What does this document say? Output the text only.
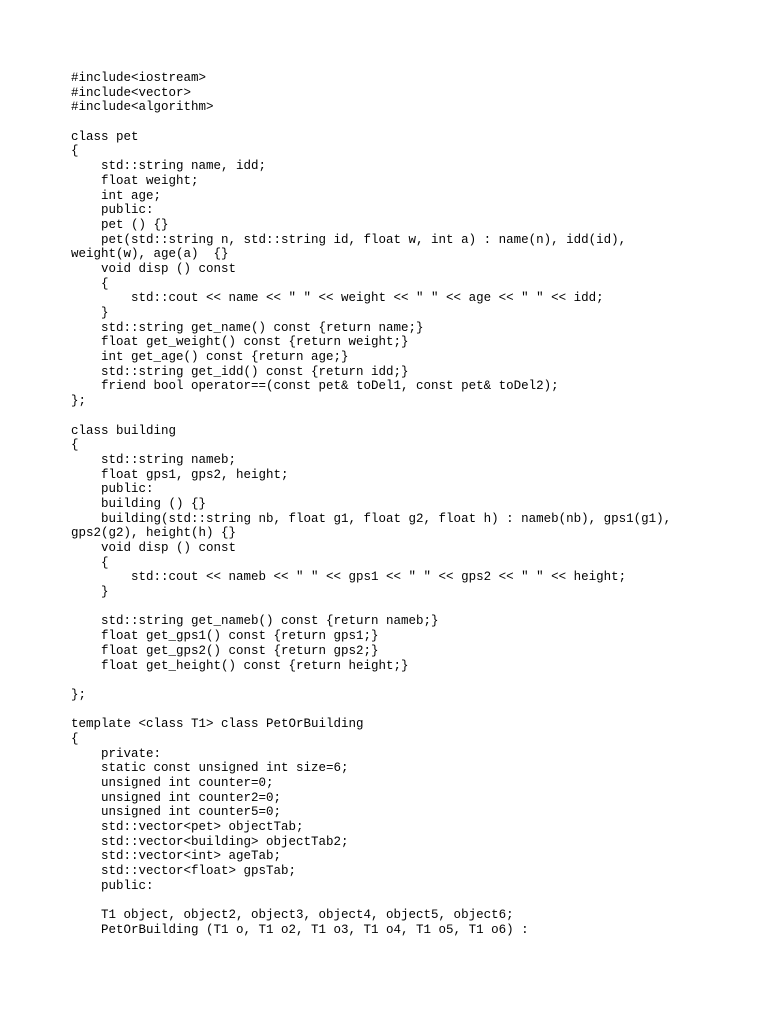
#include<iostream>
#include<vector>
#include<algorithm>
class pet
{
std::string name, idd;
float weight;
int age;
public:
pet () {}
pet(std::string n, std::string id, float w, int a) : name(n), idd(id),
weight(w), age(a)  {}
void disp () const
{
std::cout << name << " " << weight << " " << age << " " << idd;
}
std::string get_name() const {return name;}
float get_weight() const {return weight;}
int get_age() const {return age;}
std::string get_idd() const {return idd;}
friend bool operator==(const pet& toDel1, const pet& toDel2);
};
class building
{
std::string nameb;
float gps1, gps2, height;
public:
building () {}
building(std::string nb, float g1, float g2, float h) : nameb(nb), gps1(g1),
gps2(g2), height(h) {}
void disp () const
{
std::cout << nameb << " " << gps1 << " " << gps2 << " " << height;
}
std::string get_nameb() const {return nameb;}
float get_gps1() const {return gps1;}
float get_gps2() const {return gps2;}
float get_height() const {return height;}
};
template <class T1> class PetOrBuilding
{
private:
static const unsigned int size=6;
unsigned int counter=0;
unsigned int counter2=0;
unsigned int counter5=0;
std::vector<pet> objectTab;
std::vector<building> objectTab2;
std::vector<int> ageTab;
std::vector<float> gpsTab;
public:
T1 object, object2, object3, object4, object5, object6;
PetOrBuilding (T1 o, T1 o2, T1 o3, T1 o4, T1 o5, T1 o6) :
